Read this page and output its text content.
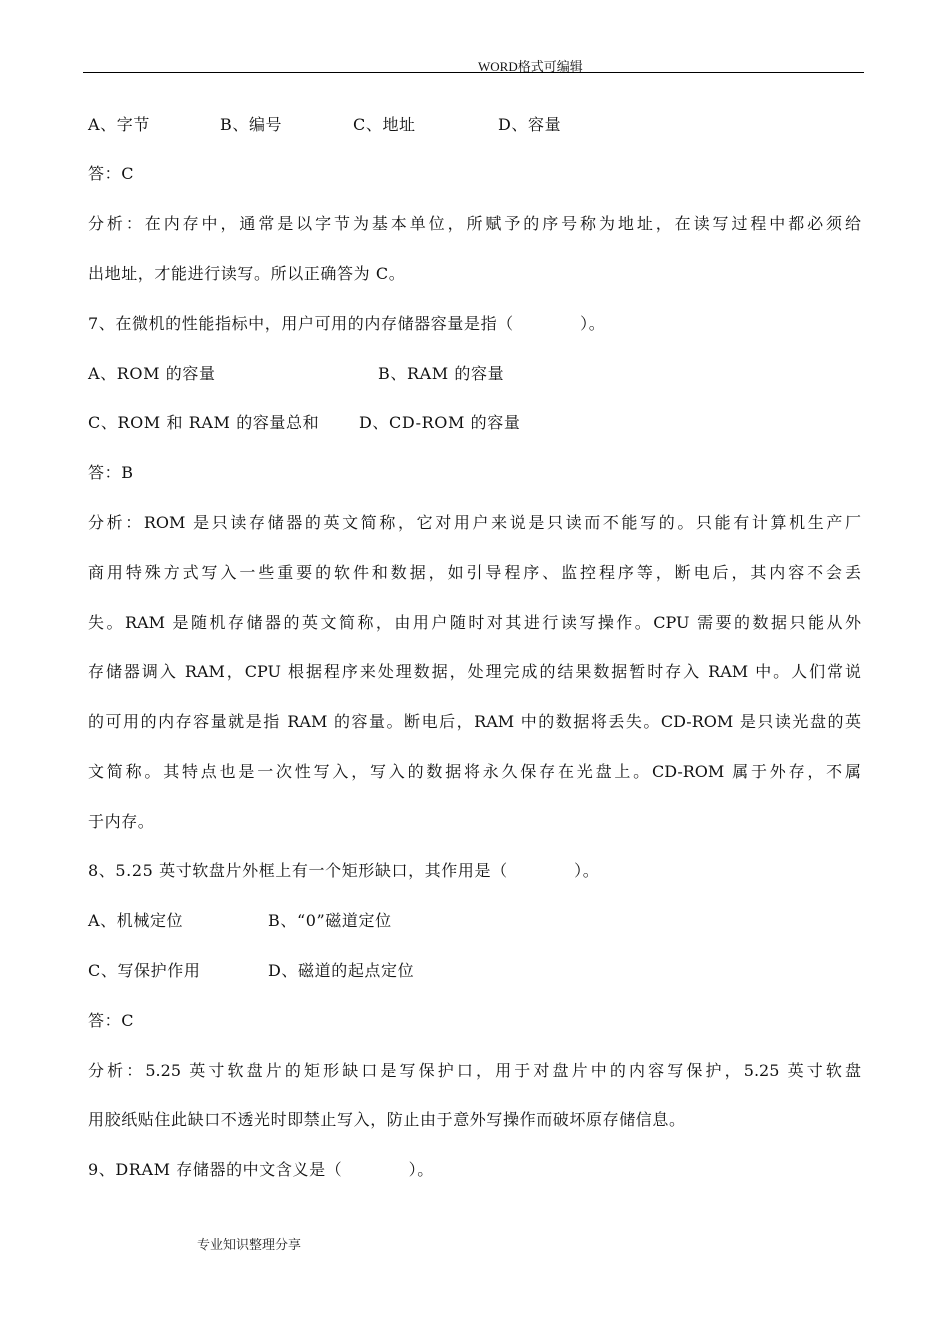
WORD格式可编辑
A、字节	B、编号	C、地址	D、容量
答：C
分析：在内存中，通常是以字节为基本单位，所赋予的序号称为地址，在读写过程中都必须给
出地址，才能进行读写。所以正确答为 C。
7、在微机的性能指标中，用户可用的内存储器容量是指（　　　　）。
A、ROM 的容量	B、RAM 的容量
C、ROM 和 RAM 的容量总和 D、CD-ROM 的容量
答：B
分析：ROM 是只读存储器的英文简称，它对用户来说是只读而不能写的。只能有计算机生产厂
商用特殊方式写入一些重要的软件和数据，如引导程序、监控程序等，断电后，其内容不会丢
失。RAM 是随机存储器的英文简称，由用户随时对其进行读写操作。CPU 需要的数据只能从外
存储器调入 RAM，CPU 根据程序来处理数据，处理完成的结果数据暂时存入 RAM 中。人们常说
的可用的内存容量就是指 RAM 的容量。断电后，RAM 中的数据将丢失。CD-ROM 是只读光盘的英
文简称。其特点也是一次性写入，写入的数据将永久保存在光盘上。CD-ROM 属于外存，不属
于内存。
8、5.25 英寸软盘片外框上有一个矩形缺口，其作用是（　　　　）。
A、机械定位	B、“0”磁道定位
C、写保护作用	D、磁道的起点定位
答：C
分析：5.25 英寸软盘片的矩形缺口是写保护口，用于对盘片中的内容写保护，5.25 英寸软盘
用胶纸贴住此缺口不透光时即禁止写入，防止由于意外写操作而破坏原存储信息。
9、DRAM 存储器的中文含义是（　　　　）。
专业知识整理分享
